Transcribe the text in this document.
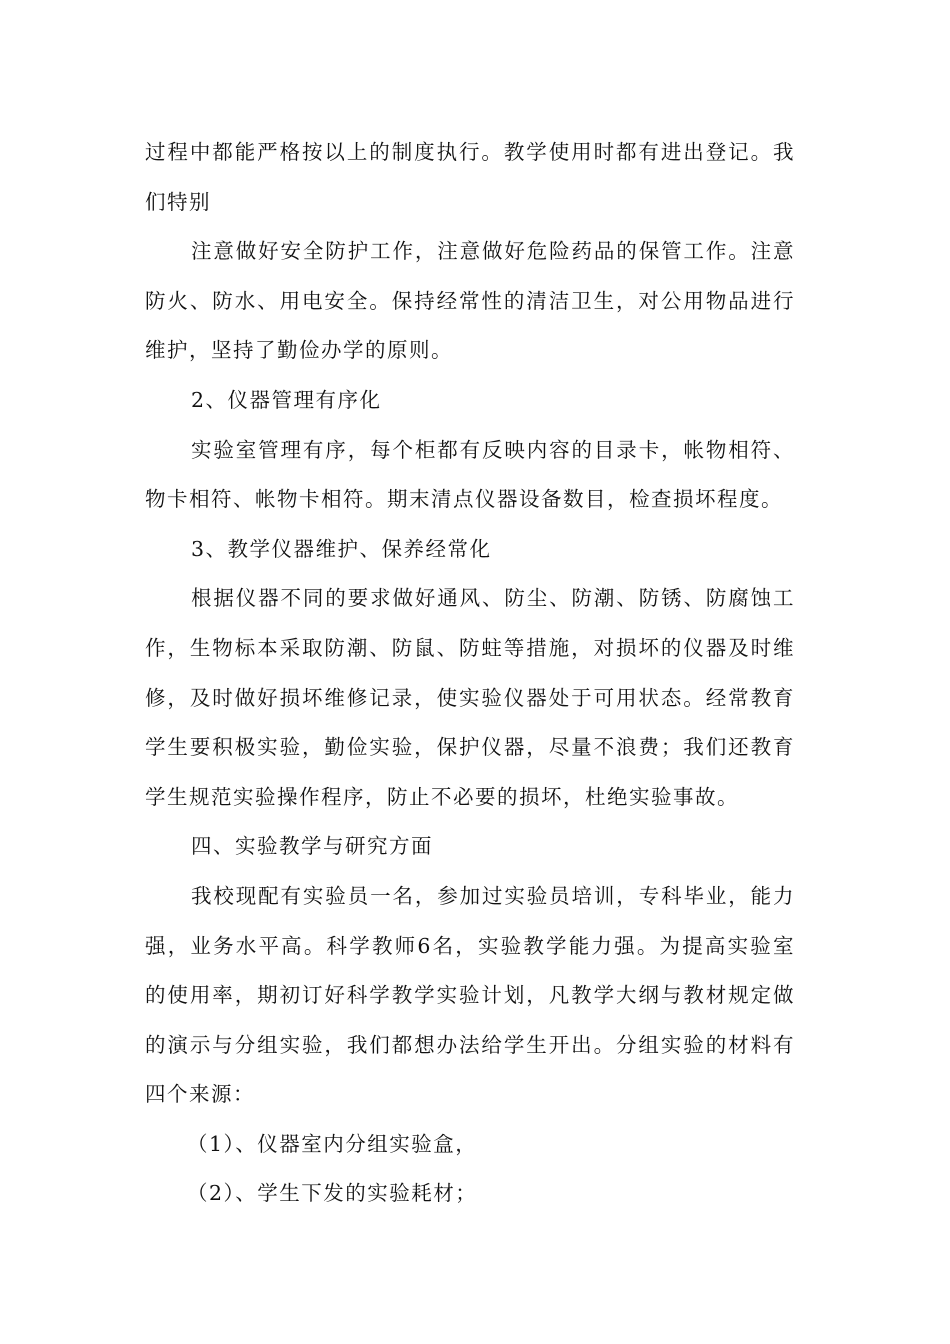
过程中都能严格按以上的制度执行。教学使用时都有进出登记。我们特别

注意做好安全防护工作，注意做好危险药品的保管工作。注意防火、防水、用电安全。保持经常性的清洁卫生，对公用物品进行维护，坚持了勤俭办学的原则。

2、仪器管理有序化

实验室管理有序，每个柜都有反映内容的目录卡，帐物相符、物卡相符、帐物卡相符。期末清点仪器设备数目，检查损坏程度。

3、教学仪器维护、保养经常化

根据仪器不同的要求做好通风、防尘、防潮、防锈、防腐蚀工作，生物标本采取防潮、防鼠、防蛀等措施，对损坏的仪器及时维修，及时做好损坏维修记录，使实验仪器处于可用状态。经常教育学生要积极实验，勤俭实验，保护仪器，尽量不浪费；我们还教育学生规范实验操作程序，防止不必要的损坏，杜绝实验事故。

四、实验教学与研究方面

我校现配有实验员一名，参加过实验员培训，专科毕业，能力强，业务水平高。科学教师6名，实验教学能力强。为提高实验室的使用率，期初订好科学教学实验计划，凡教学大纲与教材规定做的演示与分组实验，我们都想办法给学生开出。分组实验的材料有四个来源：

（1）、仪器室内分组实验盒，

（2）、学生下发的实验耗材；
